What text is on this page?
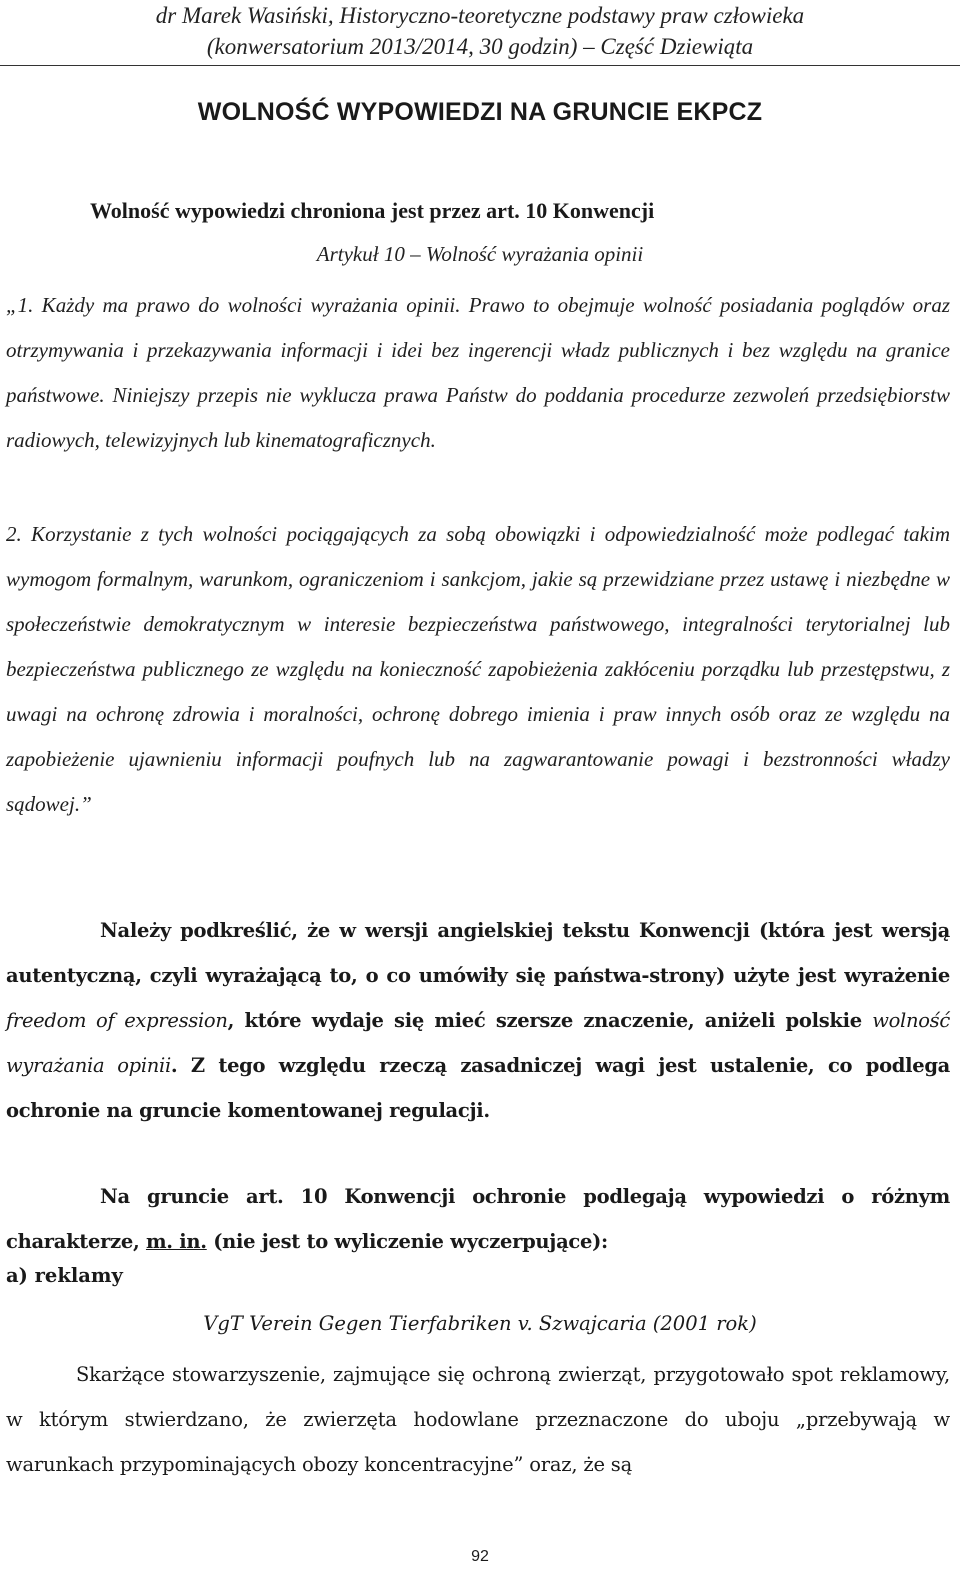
dr Marek Wasiński, Historyczno-teoretyczne podstawy praw człowieka
(konwersatorium 2013/2014, 30 godzin) – Część Dziewiąta
WOLNOŚĆ WYPOWIEDZI NA GRUNCIE EKPCZ
Wolność wypowiedzi chroniona jest przez art. 10 Konwencji
Artykuł 10 – Wolność wyrażania opinii

„1. Każdy ma prawo do wolności wyrażania opinii. Prawo to obejmuje wolność posiadania poglądów oraz otrzymywania i przekazywania informacji i idei bez ingerencji władz publicznych i bez względu na granice państwowe. Niniejszy przepis nie wyklucza prawa Państw do poddania procedurze zezwoleń przedsiębiorstw radiowych, telewizyjnych lub kinematograficznych.

2. Korzystanie z tych wolności pociągających za sobą obowiązki i odpowiedzialność może podlegać takim wymogom formalnym, warunkom, ograniczeniom i sankcjom, jakie są przewidziane przez ustawę i niezbędne w społeczeństwie demokratycznym w interesie bezpieczeństwa państwowego, integralności terytorialnej lub bezpieczeństwa publicznego ze względu na konieczność zapobieżenia zakłóceniu porządku lub przestępstwu, z uwagi na ochronę zdrowia i moralności, ochronę dobrego imienia i praw innych osób oraz ze względu na zapobieżenie ujawnieniu informacji poufnych lub na zagwarantowanie powagi i bezstronności władzy sądowej.”

Należy podkreślić, że w wersji angielskiej tekstu Konwencji (która jest wersją autentyczną, czyli wyrażającą to, o co umówiły się państwa-strony) użyte jest wyrażenie freedom of expression, które wydaje się mieć szersze znaczenie, aniżeli polskie wolność wyrażania opinii. Z tego względu rzeczą zasadniczej wagi jest ustalenie, co podlega ochronie na gruncie komentowanej regulacji.

Na gruncie art. 10 Konwencji ochronie podlegają wypowiedzi o różnym charakterze, m. in. (nie jest to wyliczenie wyczerpujące):

a) reklamy
VgT Verein Gegen Tierfabriken v. Szwajcaria (2001 rok)

Skarżące stowarzyszenie, zajmujące się ochroną zwierząt, przygotowało spot reklamowy, w którym stwierdzano, że zwierzęta hodowlane przeznaczone do uboju „przebywają w warunkach przypominających obozy koncentracyjne” oraz, że są

92
